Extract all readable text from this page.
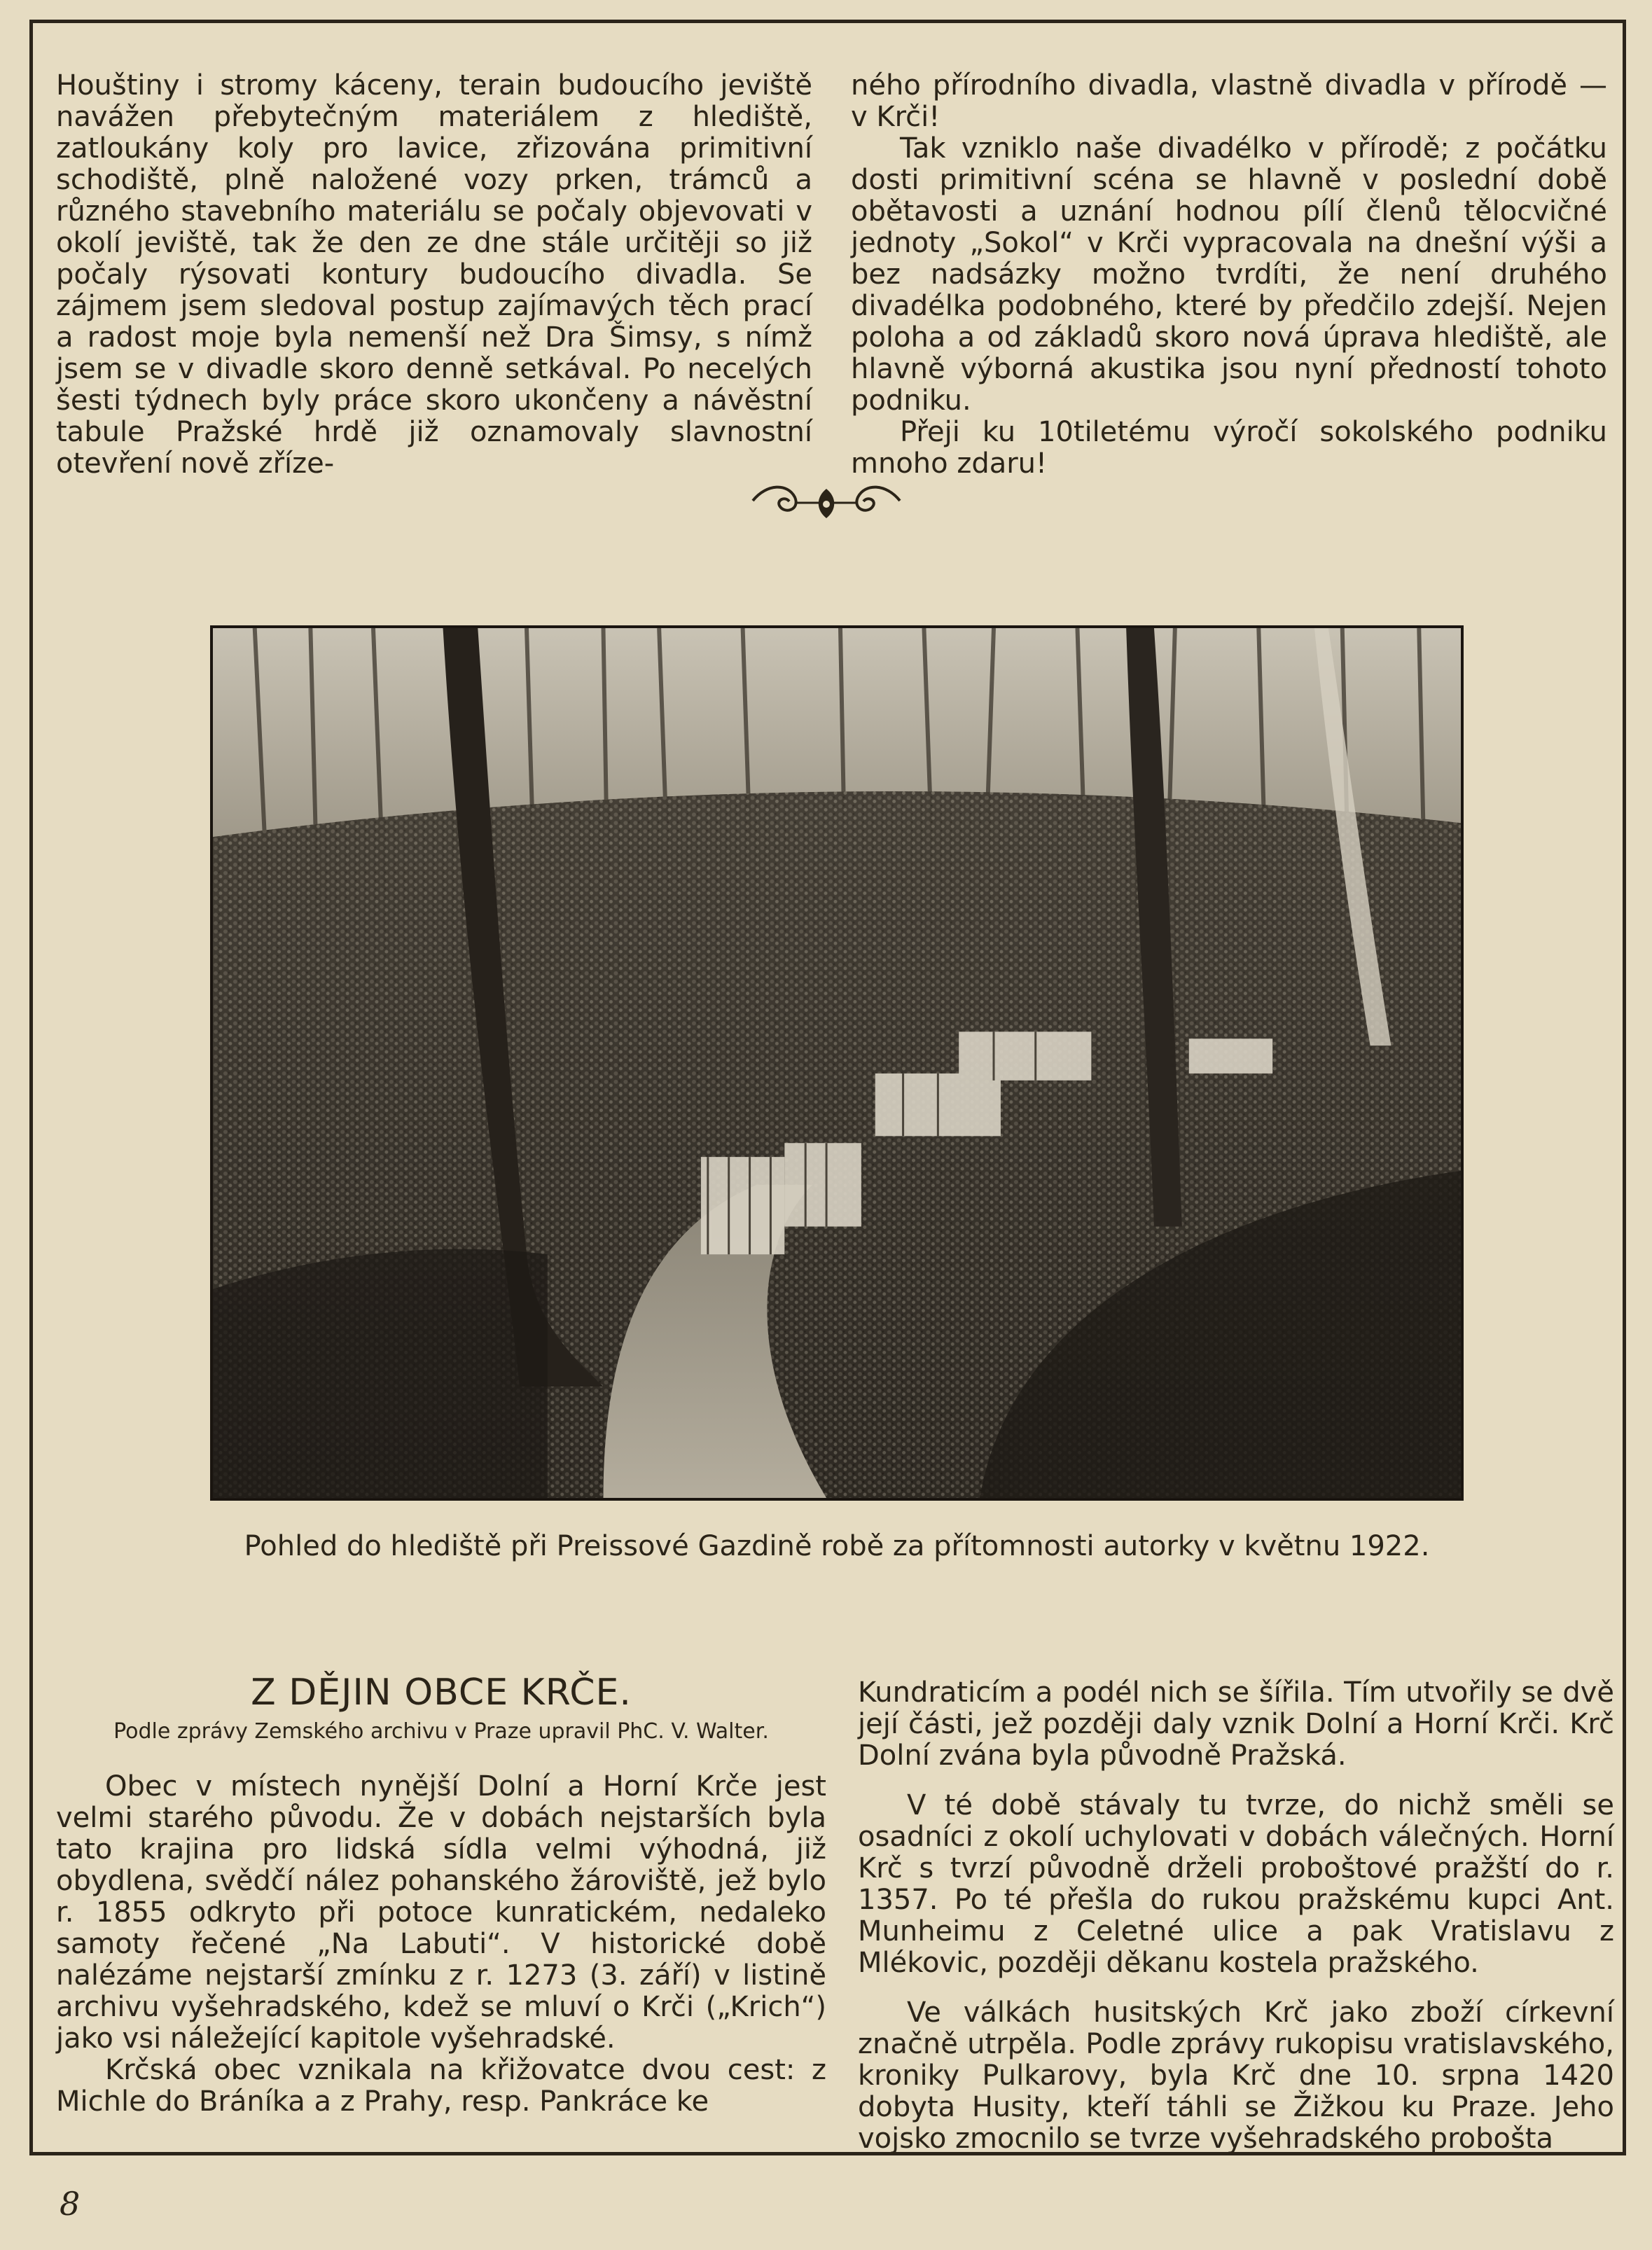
Houštiny i stromy káceny, terain budoucího jeviště navážen přebytečným materiálem z hlediště, zatloukány koly pro lavice, zřizována primitivní schodiště, plně naložené vozy prken, trámců a různého stavebního materiálu se počaly objevovati v okolí jeviště, tak že den ze dne stále určitěji so již počaly rýsovati kontury budoucího divadla. Se zájmem jsem sledoval postup zajímavých těch prací a radost moje byla nemenší než Dra Šimsy, s nímž jsem se v divadle skoro denně setkával. Po necelých šesti týdnech byly práce skoro ukončeny a návěstní tabule Pražské hrdě již oznamovaly slavnostní otevření nově zříze-

ného přírodního divadla, vlastně divadla v přírodě — v Krči!

Tak vzniklo naše divadélko v přírodě; z počátku dosti primitivní scéna se hlavně v poslední době obětavosti a uznání hodnou pílí členů tělocvičné jednoty „Sokol“ v Krči vypracovala na dnešní výši a bez nadsázky možno tvrdíti, že není druhého divadélka podobného, které by předčilo zdejší. Nejen poloha a od základů skoro nová úprava hlediště, ale hlavně výborná akustika jsou nyní předností tohoto podniku.

Přeji ku 10tiletému výročí sokolského podniku mnoho zdaru!

Pohled do hlediště při Preissové Gazdině robě za přítomnosti autorky v květnu 1922.
Z DĚJIN OBCE KRČE.
Podle zprávy Zemského archivu v Praze upravil PhC. V. Walter.

Obec v místech nynější Dolní a Horní Krče jest velmi starého původu. Že v dobách nejstarších byla tato krajina pro lidská sídla velmi výhodná, již obydlena, svědčí nález pohanského žároviště, jež bylo r. 1855 odkryto při potoce kunratickém, nedaleko samoty řečené „Na Labuti“. V historické době nalézáme nejstarší zmínku z r. 1273 (3. září) v listině archivu vyšehradského, kdež se mluví o Krči („Krich“) jako vsi náležející kapitole vyšehradské.

Krčská obec vznikala na křižovatce dvou cest: z Michle do Bráníka a z Prahy, resp. Pankráce ke

Kundraticím a podél nich se šířila. Tím utvořily se dvě její části, jež později daly vznik Dolní a Horní Krči. Krč Dolní zvána byla původně Pražská.

V té době stávaly tu tvrze, do nichž směli se osadníci z okolí uchylovati v dobách válečných. Horní Krč s tvrzí původně drželi proboštové pražští do r. 1357. Po té přešla do rukou pražskému kupci Ant. Munheimu z Celetné ulice a pak Vratislavu z Mlékovic, později děkanu kostela pražského.

Ve válkách husitských Krč jako zboží církevní značně utrpěla. Podle zprávy rukopisu vratislavského, kroniky Pulkarovy, byla Krč dne 10. srpna 1420 dobyta Husity, kteří táhli se Žižkou ku Praze. Jeho vojsko zmocnilo se tvrze vyšehradského probošta

8
